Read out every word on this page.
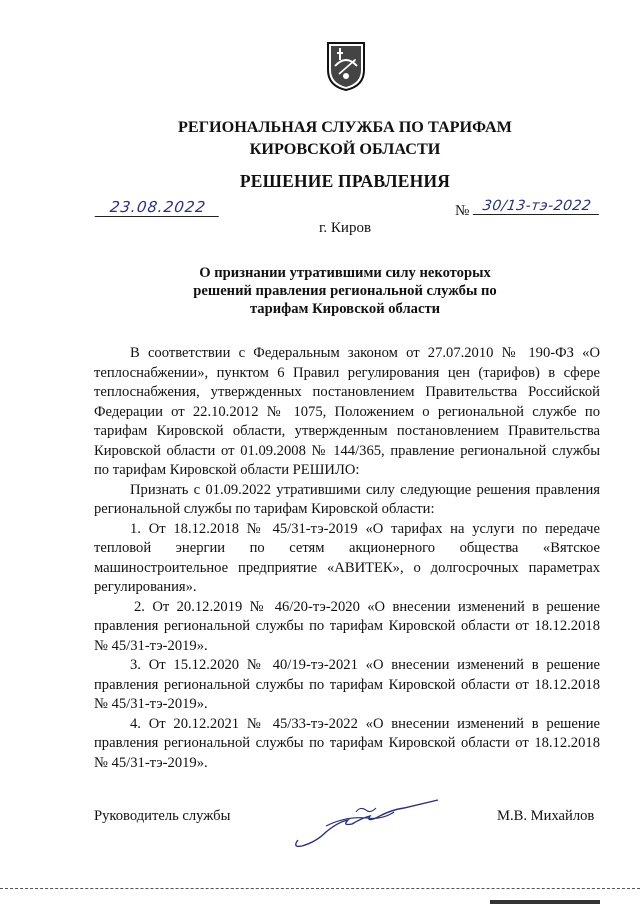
РЕГИОНАЛЬНАЯ СЛУЖБА ПО ТАРИФАМ
КИРОВСКОЙ ОБЛАСТИ
РЕШЕНИЕ ПРАВЛЕНИЯ
23.08.2022	№ 30/13-тэ-2022
г. Киров
О признании утратившими силу некоторых
решений правления региональной службы по
тарифам Кировской области

В соответствии с Федеральным законом от 27.07.2010 № 190-ФЗ «О теплоснабжении», пунктом 6 Правил регулирования цен (тарифов) в сфере теплоснабжения, утвержденных постановлением Правительства Российской Федерации от 22.10.2012 № 1075, Положением о региональной службе по тарифам Кировской области, утвержденным постановлением Правительства Кировской области от 01.09.2008 № 144/365, правление региональной службы по тарифам Кировской области РЕШИЛО:

Признать с 01.09.2022 утратившими силу следующие решения правления региональной службы по тарифам Кировской области:

1. От 18.12.2018 № 45/31-тэ-2019 «О тарифах на услуги по передаче тепловой энергии по сетям акционерного общества «Вятское машиностроительное предприятие «АВИТЕК», о долгосрочных параметрах регулирования».

2. От 20.12.2019 № 46/20-тэ-2020 «О внесении изменений в решение правления региональной службы по тарифам Кировской области от 18.12.2018 № 45/31-тэ-2019».

3. От 15.12.2020 № 40/19-тэ-2021 «О внесении изменений в решение правления региональной службы по тарифам Кировской области от 18.12.2018 № 45/31-тэ-2019».

4. От 20.12.2021 № 45/33-тэ-2022 «О внесении изменений в решение правления региональной службы по тарифам Кировской области от 18.12.2018 № 45/31-тэ-2019».

Руководитель службы	М.В. Михайлов
